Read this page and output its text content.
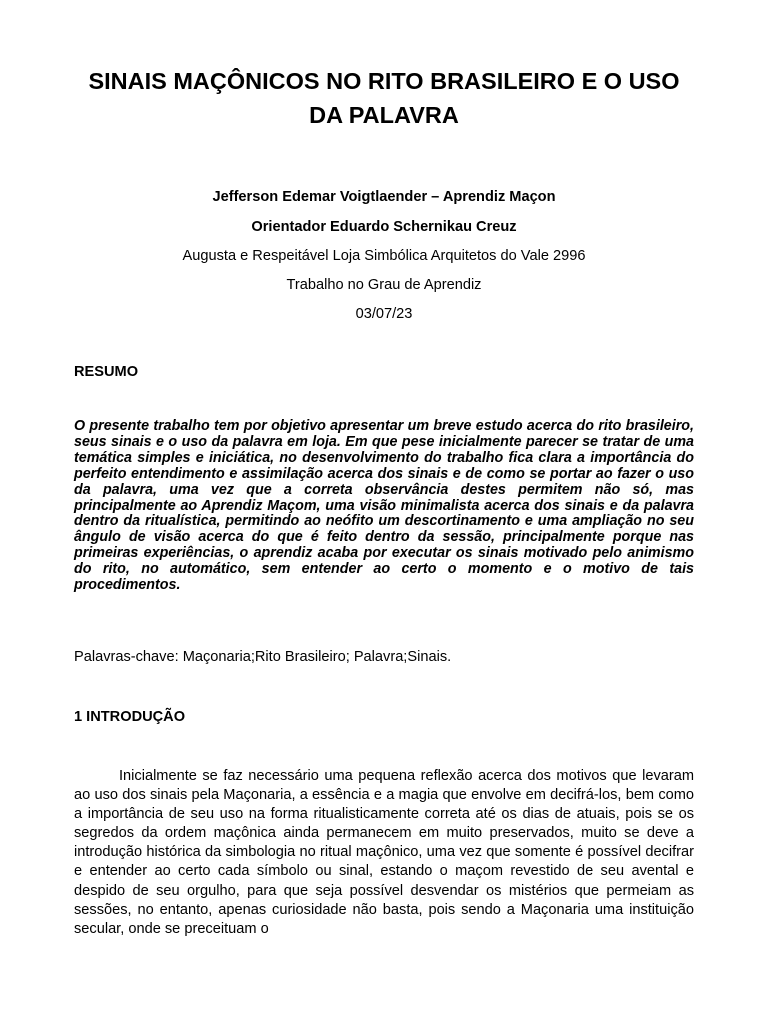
SINAIS MAÇÔNICOS NO RITO BRASILEIRO E O USO DA PALAVRA

Jefferson Edemar Voigtlaender – Aprendiz Maçon

Orientador Eduardo Schernikau Creuz

Augusta e Respeitável Loja Simbólica Arquitetos do Vale 2996

Trabalho no Grau de Aprendiz

03/07/23

RESUMO

O presente trabalho tem por objetivo apresentar um breve estudo acerca do rito brasileiro, seus sinais e o uso da palavra em loja. Em que pese inicialmente parecer se tratar de uma temática simples e iniciática, no desenvolvimento do trabalho fica clara a importância do perfeito entendimento e assimilação acerca dos sinais e de como se portar ao fazer o uso da palavra, uma vez que a correta observância destes permitem não só, mas principalmente ao Aprendiz Maçom, uma visão minimalista acerca dos sinais e da palavra dentro da ritualística, permitindo ao neófito um descortinamento e uma ampliação no seu ângulo de visão acerca do que é feito dentro da sessão, principalmente porque nas primeiras experiências, o aprendiz acaba por executar os sinais motivado pelo animismo do rito, no automático, sem entender ao certo o momento e o motivo de tais procedimentos.

Palavras-chave: Maçonaria;Rito Brasileiro; Palavra;Sinais.

1 INTRODUÇÃO

Inicialmente se faz necessário uma pequena reflexão acerca dos motivos que levaram ao uso dos sinais pela Maçonaria, a essência e a magia que envolve em decifrá-los, bem como a importância de seu uso na forma ritualisticamente correta até os dias de atuais, pois se os segredos da ordem maçônica ainda permanecem em muito preservados, muito se deve a introdução histórica da simbologia no ritual maçônico, uma vez que somente é possível decifrar e entender ao certo cada símbolo ou sinal, estando o maçom revestido de seu avental e despido de seu orgulho, para que seja possível desvendar os mistérios que permeiam as sessões, no entanto, apenas curiosidade não basta, pois sendo a Maçonaria uma instituição secular, onde se preceituam o
